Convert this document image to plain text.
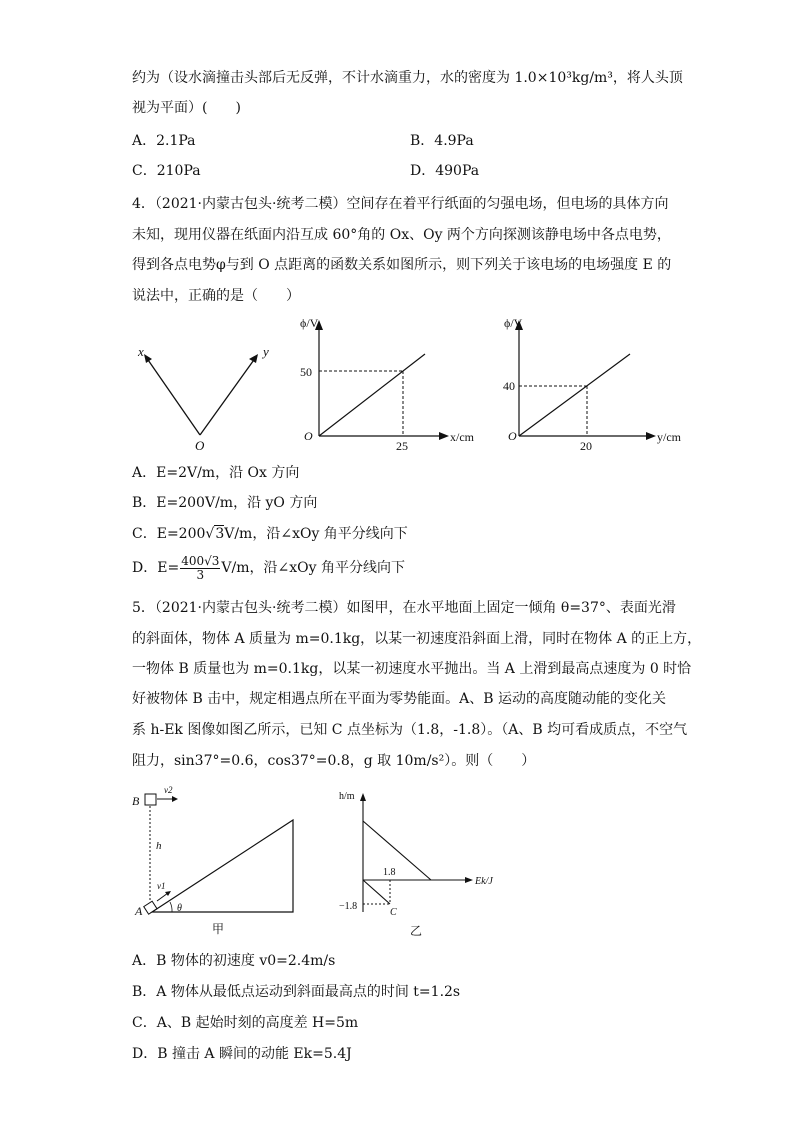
约为（设水滴撞击头部后无反弹，不计水滴重力，水的密度为 1.0×10³kg/m³，将人头顶
视为平面）(　　)
A．2.1Pa	B．4.9Pa
C．210Pa	D．490Pa
4．（2021·内蒙古包头·统考二模）空间存在着平行纸面的匀强电场，但电场的具体方向
未知，现用仪器在纸面内沿互成 60°角的 Ox、Oy 两个方向探测该静电场中各点电势，
得到各点电势φ与到 O 点距离的函数关系如图所示，则下列关于该电场的电场强度 E 的
说法中，正确的是（　　）
x	y
O
ϕ/V
50
O
25
x/cm
ϕ/V
40
O
20
y/cm
A．E=2V/m，沿 Ox 方向
B．E=200V/m，沿 yO 方向
C．E=200√3V/m，沿∠xOy 角平分线向下
D．$E= \frac{400√3}{3} V/m$，沿∠xOy 角平分线向下
5．（2021·内蒙古包头·统考二模）如图甲，在水平地面上固定一倾角 θ=37°、表面光滑
的斜面体，物体 A 质量为 m=0.1kg，以某一初速度沿斜面上滑，同时在物体 A 的正上方，
一物体 B 质量也为 m=0.1kg，以某一初速度水平抛出。当 A 上滑到最高点速度为 0 时恰
好被物体 B 击中，规定相遇点所在平面为零势能面。A、B 运动的高度随动能的变化关
系 h-Ek 图像如图乙所示，已知 C 点坐标为（1.8，-1.8）。（A、B 均可看成质点，不空气
阻力，sin37°=0.6，cos37°=0.8，g 取 10m/s²）。则（　　）
B
v2
h
v1
A	θ
甲
h/m
1.8
−1.8
C
Ek/J
乙
A．B 物体的初速度 v0=2.4m/s
B．A 物体从最低点运动到斜面最高点的时间 t=1.2s
C．A、B 起始时刻的高度差 H=5m
D．B 撞击 A 瞬间的动能 Ek=5.4J
